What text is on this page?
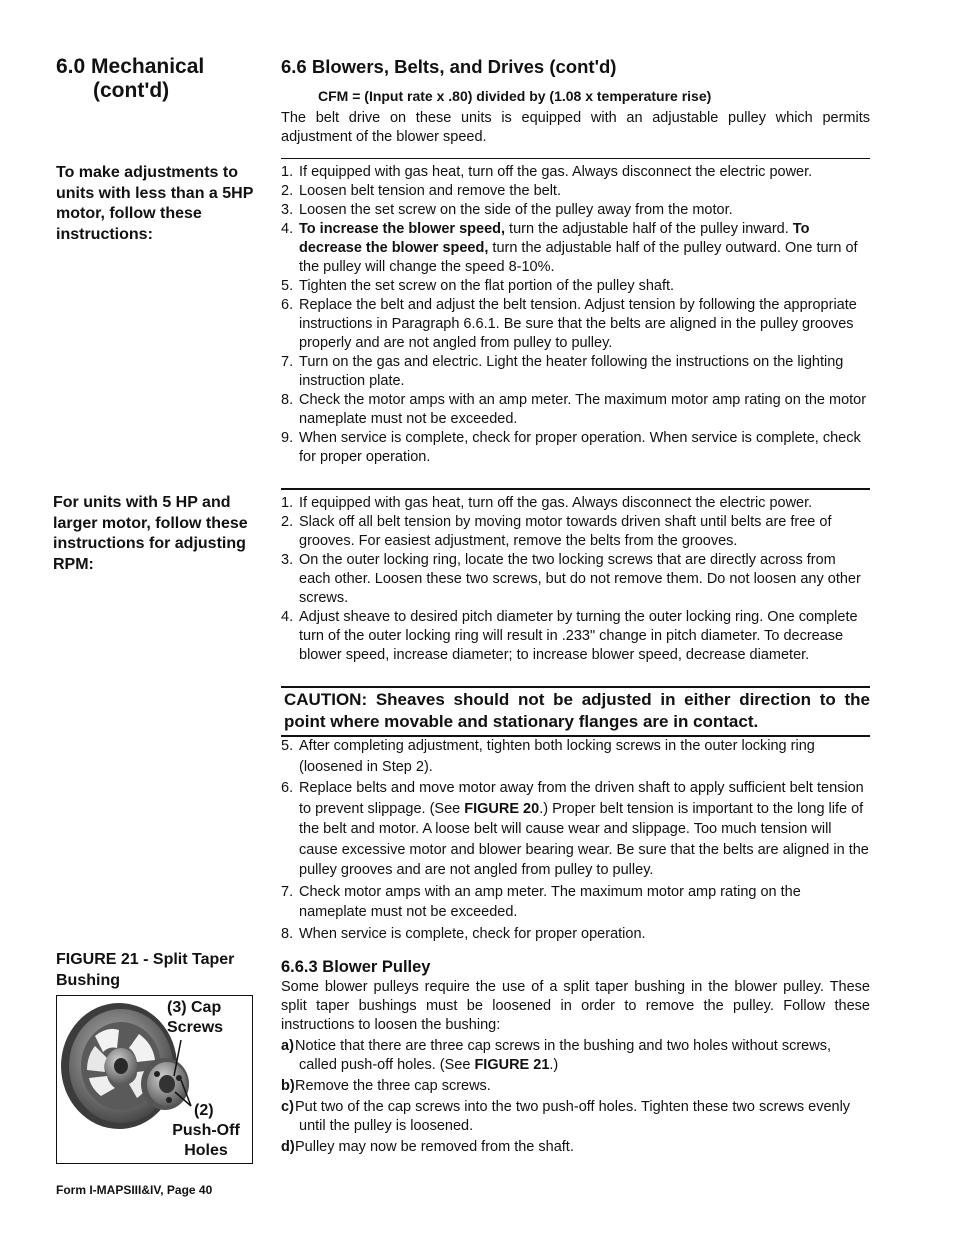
6.0 Mechanical
(cont'd)
6.6 Blowers, Belts, and Drives (cont'd)
CFM = (Input rate x .80) divided by (1.08 x temperature rise)
The belt drive on these units is equipped with an adjustable pulley which permits adjustment of the blower speed.
To make adjustments to units with less than a 5HP motor, follow these instructions:
1. If equipped with gas heat, turn off the gas. Always disconnect the electric power.
2. Loosen belt tension and remove the belt.
3. Loosen the set screw on the side of the pulley away from the motor.
4. To increase the blower speed, turn the adjustable half of the pulley inward. To decrease the blower speed, turn the adjustable half of the pulley outward. One turn of the pulley will change the speed 8-10%.
5. Tighten the set screw on the flat portion of the pulley shaft.
6. Replace the belt and adjust the belt tension. Adjust tension by following the appropriate instructions in Paragraph 6.6.1. Be sure that the belts are aligned in the pulley grooves properly and are not angled from pulley to pulley.
7. Turn on the gas and electric. Light the heater following the instructions on the lighting instruction plate.
8. Check the motor amps with an amp meter. The maximum motor amp rating on the motor nameplate must not be exceeded.
9. When service is complete, check for proper operation. When service is complete, check for proper operation.
For units with 5 HP and larger motor, follow these instructions for adjusting RPM:
1. If equipped with gas heat, turn off the gas. Always disconnect the electric power.
2. Slack off all belt tension by moving motor towards driven shaft until belts are free of grooves. For easiest adjustment, remove the belts from the grooves.
3. On the outer locking ring, locate the two locking screws that are directly across from each other. Loosen these two screws, but do not remove them. Do not loosen any other screws.
4. Adjust sheave to desired pitch diameter by turning the outer locking ring. One complete turn of the outer locking ring will result in .233" change in pitch diameter. To decrease blower speed, increase diameter; to increase blower speed, decrease diameter.
CAUTION: Sheaves should not be adjusted in either direction to the point where movable and stationary flanges are in contact.
5. After completing adjustment, tighten both locking screws in the outer locking ring (loosened in Step 2).
6. Replace belts and move motor away from the driven shaft to apply sufficient belt tension to prevent slippage. (See FIGURE 20.) Proper belt tension is important to the long life of the belt and motor. A loose belt will cause wear and slippage. Too much tension will cause excessive motor and blower bearing wear. Be sure that the belts are aligned in the pulley grooves and are not angled from pulley to pulley.
7. Check motor amps with an amp meter. The maximum motor amp rating on the nameplate must not be exceeded.
8. When service is complete, check for proper operation.
FIGURE 21 - Split Taper Bushing
(3) Cap
Screws
(2)
Push-Off
Holes
6.6.3 Blower Pulley
Some blower pulleys require the use of a split taper bushing in the blower pulley. These split taper bushings must be loosened in order to remove the pulley. Follow these instructions to loosen the bushing:
a) Notice that there are three cap screws in the bushing and two holes without screws, called push-off holes. (See FIGURE 21.)
b) Remove the three cap screws.
c) Put two of the cap screws into the two push-off holes. Tighten these two screws evenly until the pulley is loosened.
d) Pulley may now be removed from the shaft.
Form I-MAPSIII&IV, Page 40
